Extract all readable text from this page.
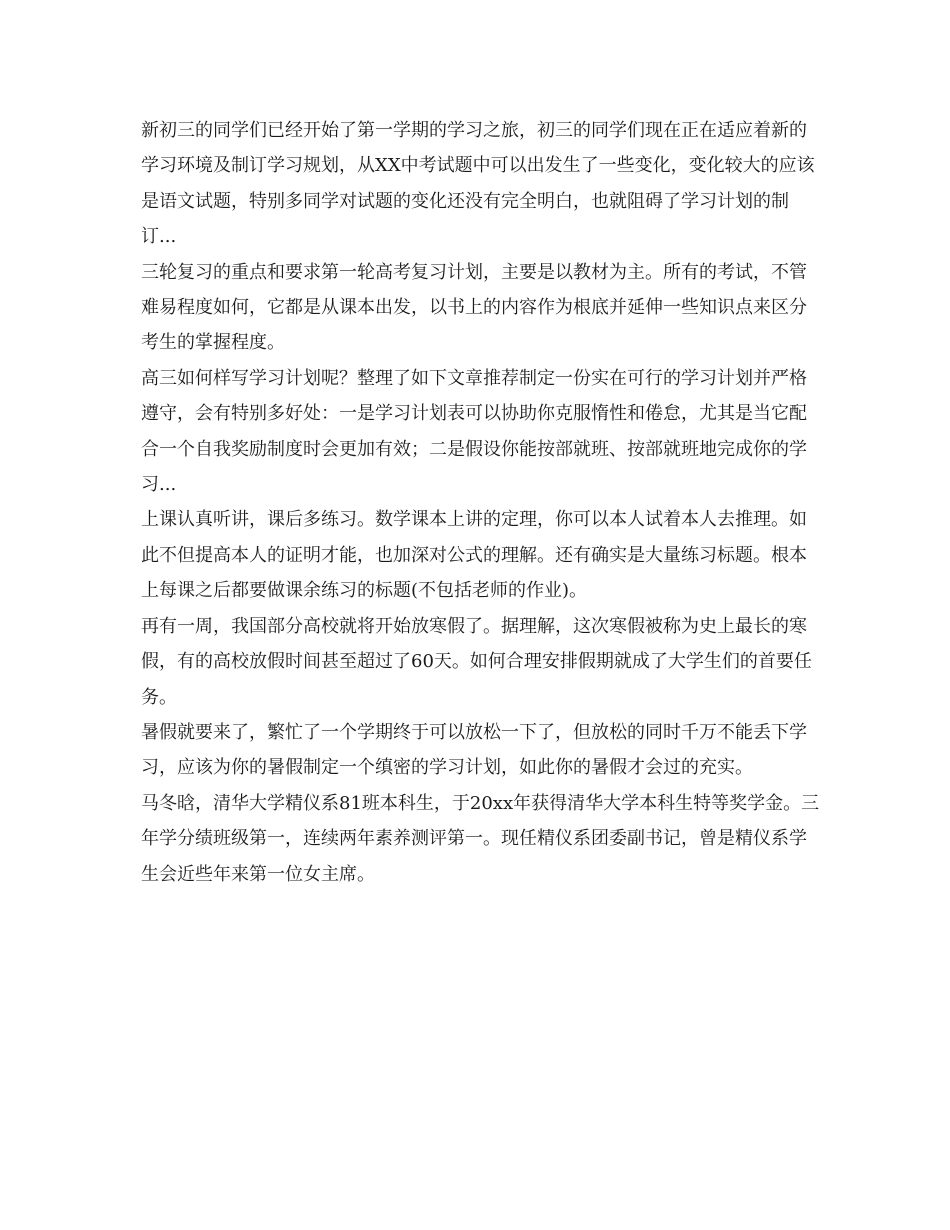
新初三的同学们已经开始了第一学期的学习之旅，初三的同学们现在正在适应着新的学习环境及制订学习规划，从XX中考试题中可以出发生了一些变化，变化较大的应该是语文试题，特别多同学对试题的变化还没有完全明白，也就阻碍了学习计划的制订...

三轮复习的重点和要求第一轮高考复习计划，主要是以教材为主。所有的考试，不管难易程度如何，它都是从课本出发，以书上的内容作为根底并延伸一些知识点来区分考生的掌握程度。

高三如何样写学习计划呢？整理了如下文章推荐制定一份实在可行的学习计划并严格遵守，会有特别多好处：一是学习计划表可以协助你克服惰性和倦怠，尤其是当它配合一个自我奖励制度时会更加有效；二是假设你能按部就班、按部就班地完成你的学习...

上课认真听讲，课后多练习。数学课本上讲的定理，你可以本人试着本人去推理。如此不但提高本人的证明才能，也加深对公式的理解。还有确实是大量练习标题。根本上每课之后都要做课余练习的标题(不包括老师的作业)。

再有一周，我国部分高校就将开始放寒假了。据理解，这次寒假被称为史上最长的寒假，有的高校放假时间甚至超过了60天。如何合理安排假期就成了大学生们的首要任务。

暑假就要来了，繁忙了一个学期终于可以放松一下了，但放松的同时千万不能丢下学习，应该为你的暑假制定一个缜密的学习计划，如此你的暑假才会过的充实。

马冬晗，清华大学精仪系81班本科生，于20xx年获得清华大学本科生特等奖学金。三年学分绩班级第一，连续两年素养测评第一。现任精仪系团委副书记，曾是精仪系学生会近些年来第一位女主席。
